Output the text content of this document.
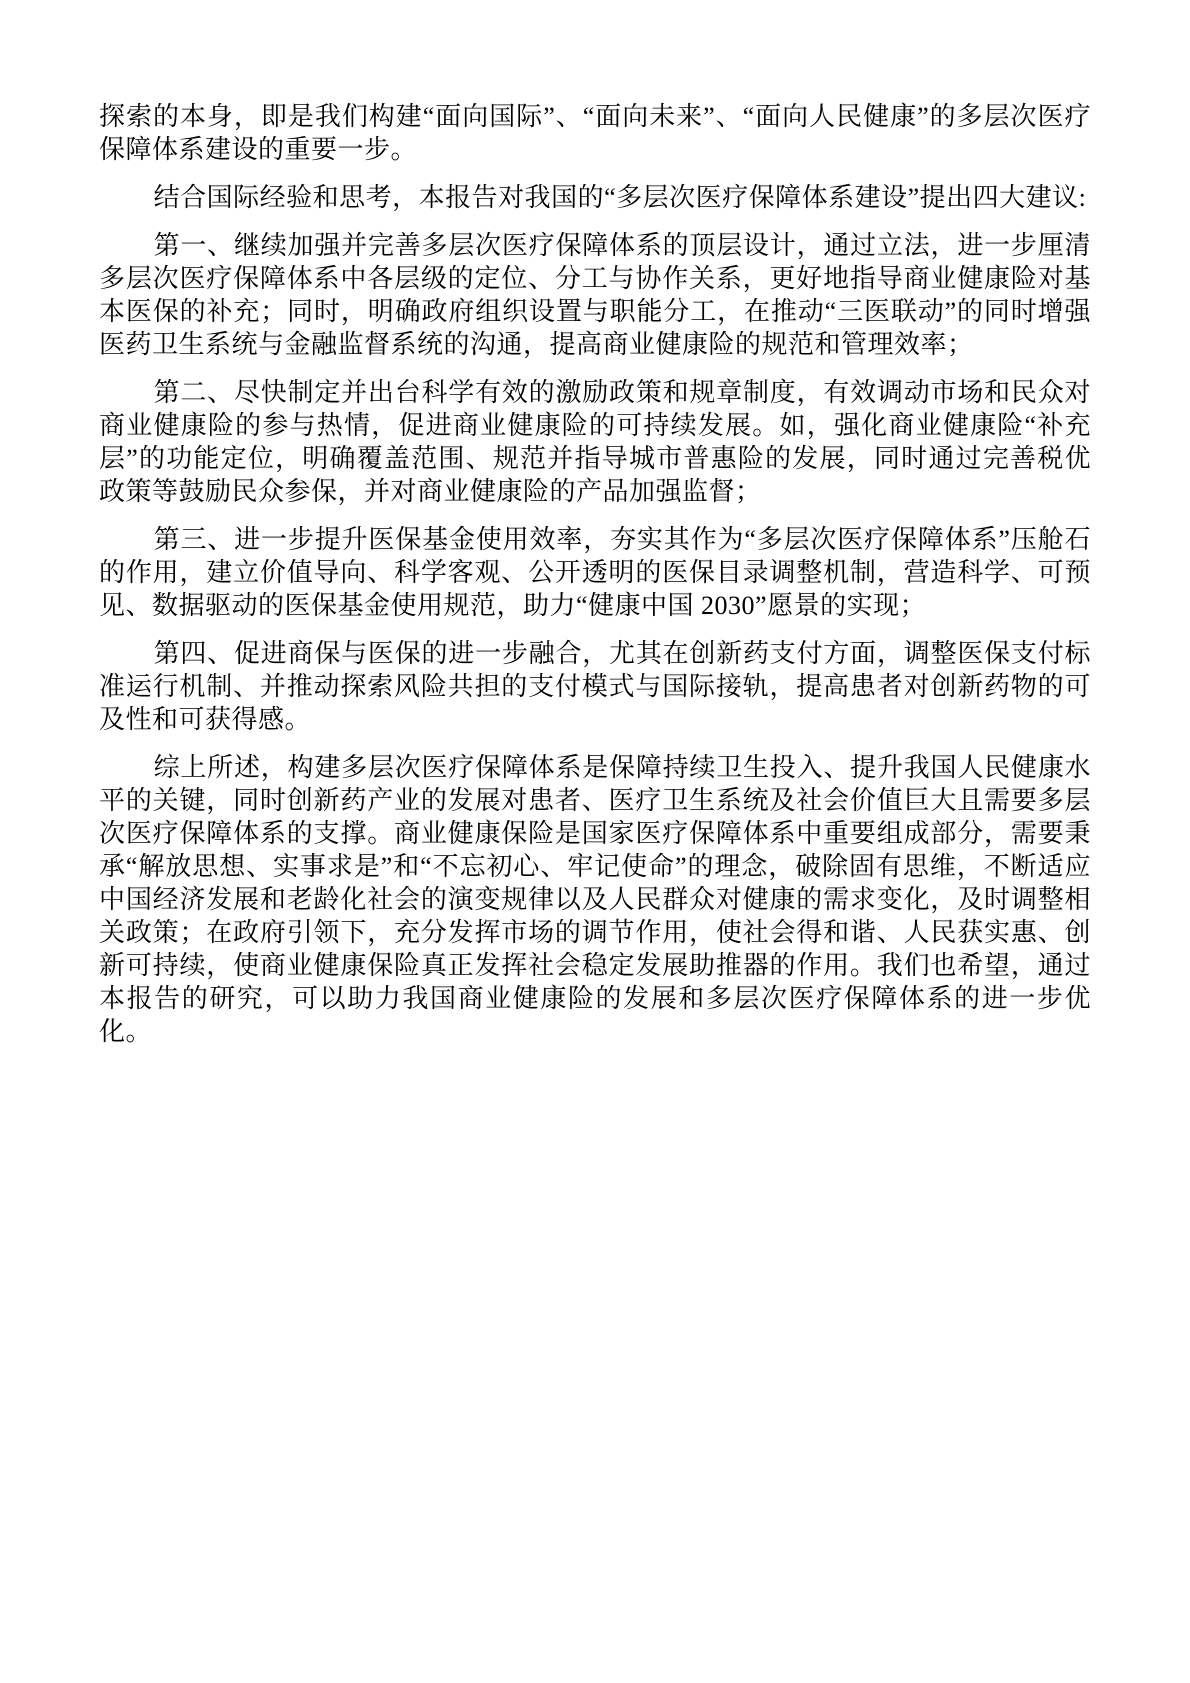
探索的本身，即是我们构建“面向国际”、“面向未来”、“面向人民健康”的多层次医疗保障体系建设的重要一步。

结合国际经验和思考，本报告对我国的“多层次医疗保障体系建设”提出四大建议:

第一、继续加强并完善多层次医疗保障体系的顶层设计，通过立法，进一步厘清多层次医疗保障体系中各层级的定位、分工与协作关系，更好地指导商业健康险对基本医保的补充；同时，明确政府组织设置与职能分工，在推动“三医联动”的同时增强医药卫生系统与金融监督系统的沟通，提高商业健康险的规范和管理效率；

第二、尽快制定并出台科学有效的激励政策和规章制度，有效调动市场和民众对商业健康险的参与热情，促进商业健康险的可持续发展。如，强化商业健康险“补充层”的功能定位，明确覆盖范围、规范并指导城市普惠险的发展，同时通过完善税优政策等鼓励民众参保，并对商业健康险的产品加强监督；

第三、进一步提升医保基金使用效率，夯实其作为“多层次医疗保障体系”压舱石的作用，建立价值导向、科学客观、公开透明的医保目录调整机制，营造科学、可预见、数据驱动的医保基金使用规范，助力“健康中国 2030”愿景的实现；

第四、促进商保与医保的进一步融合，尤其在创新药支付方面，调整医保支付标准运行机制、并推动探索风险共担的支付模式与国际接轨，提高患者对创新药物的可及性和可获得感。

综上所述，构建多层次医疗保障体系是保障持续卫生投入、提升我国人民健康水平的关键，同时创新药产业的发展对患者、医疗卫生系统及社会价值巨大且需要多层次医疗保障体系的支撑。商业健康保险是国家医疗保障体系中重要组成部分，需要秉承“解放思想、实事求是”和“不忘初心、牢记使命”的理念，破除固有思维，不断适应中国经济发展和老龄化社会的演变规律以及人民群众对健康的需求变化，及时调整相关政策；在政府引领下，充分发挥市场的调节作用，使社会得和谐、人民获实惠、创新可持续，使商业健康保险真正发挥社会稳定发展助推器的作用。我们也希望，通过本报告的研究，可以助力我国商业健康险的发展和多层次医疗保障体系的进一步优化。
